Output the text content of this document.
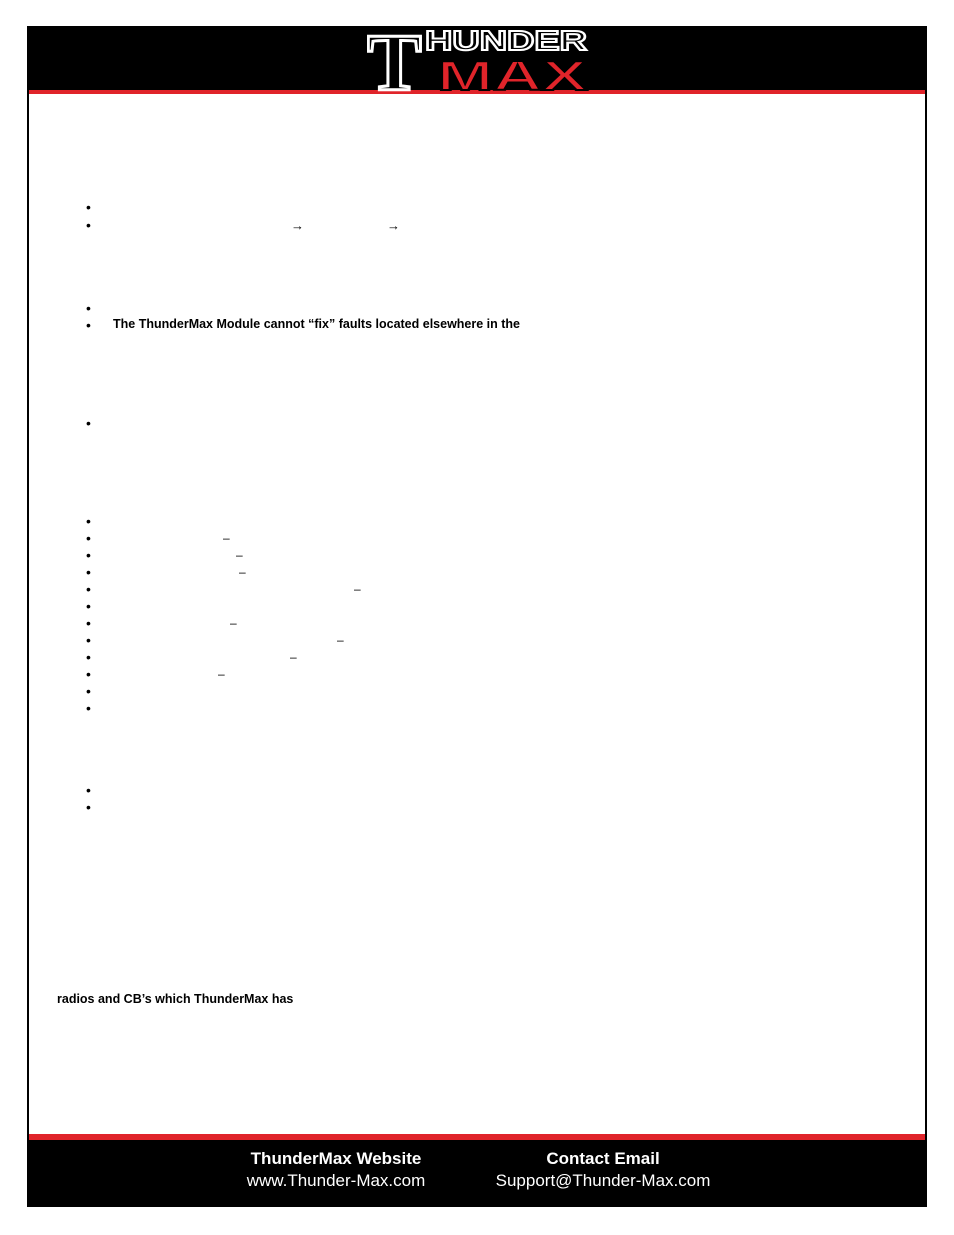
T HUNDER
MAX
•
•	→	→
•
• The ThunderMax Module cannot “fix” faults located elsewhere in the
•
•
•
•
•
•
•
•
•
•
•
•
•
–
–
–
–
–
–
–
–
•
•
radios and CB’s which ThunderMax has
ThunderMax Website
www.Thunder-Max.com
Contact Email
Support@Thunder-Max.com
